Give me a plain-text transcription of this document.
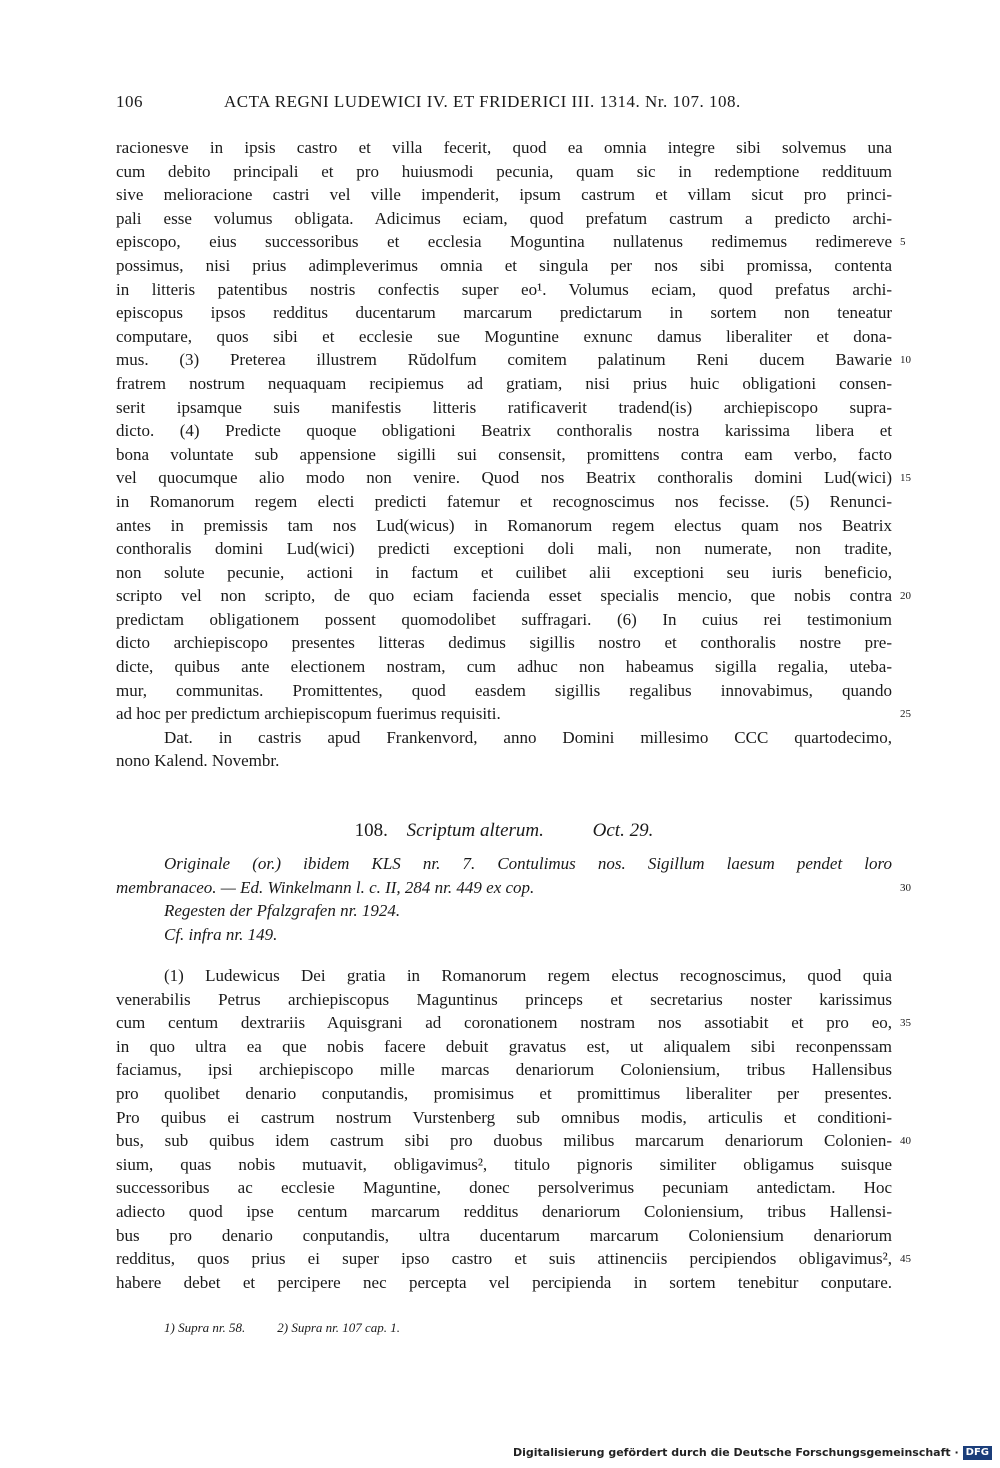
106	ACTA REGNI LUDEWICI IV. ET FRIDERICI III. 1314. Nr. 107. 108.
racionesve in ipsis castro et villa fecerit, quod ea omnia integre sibi solvemus una
cum debito principali et pro huiusmodi pecunia, quam sic in redemptione reddituum
sive melioracione castri vel ville impenderit, ipsum castrum et villam sicut pro princi-
pali esse volumus obligata. Adicimus eciam, quod prefatum castrum a predicto archi-
episcopo, eius successoribus et ecclesia Moguntina nullatenus redimemus redimereve 5
possimus, nisi prius adimpleverimus omnia et singula per nos sibi promissa, contenta
in litteris patentibus nostris confectis super eo¹. Volumus eciam, quod prefatus archi-
episcopus ipsos redditus ducentarum marcarum predictarum in sortem non teneatur
computare, quos sibi et ecclesie sue Moguntine exnunc damus liberaliter et dona-
mus. (3) Preterea illustrem Rŭdolfum comitem palatinum Reni ducem Bawarie 10
fratrem nostrum nequaquam recipiemus ad gratiam, nisi prius huic obligationi consen-
serit ipsamque suis manifestis litteris ratificaverit tradend(is) archiepiscopo supra-
dicto. (4) Predicte quoque obligationi Beatrix conthoralis nostra karissima libera et
bona voluntate sub appensione sigilli sui consensit, promittens contra eam verbo, facto
vel quocumque alio modo non venire. Quod nos Beatrix conthoralis domini Lud(wici) 15
in Romanorum regem electi predicti fatemur et recognoscimus nos fecisse. (5) Renunci-
antes in premissis tam nos Lud(wicus) in Romanorum regem electus quam nos Beatrix
conthoralis domini Lud(wici) predicti exceptioni doli mali, non numerate, non tradite,
non solute pecunie, actioni in factum et cuilibet alii exceptioni seu iuris beneficio,
scripto vel non scripto, de quo eciam facienda esset specialis mencio, que nobis contra 20
predictam obligationem possent quomodolibet suffragari. (6) In cuius rei testimonium
dicto archiepiscopo presentes litteras dedimus sigillis nostro et conthoralis nostre pre-
dicte, quibus ante electionem nostram, cum adhuc non habeamus sigilla regalia, uteba-
mur, communitas. Promittentes, quod easdem sigillis regalibus innovabimus, quando
ad hoc per predictum archiepiscopum fuerimus requisiti.	25
Dat. in castris apud Frankenvord, anno Domini millesimo CCC quartodecimo,
nono Kalend. Novembr.
108. Scriptum alterum.	Oct. 29.
Originale (or.) ibidem KLS nr. 7. Contulimus nos. Sigillum laesum pendet loro
membranaceo. — Ed. Winkelmann l. c. II, 284 nr. 449 ex cop.	30
Regesten der Pfalzgrafen nr. 1924.
Cf. infra nr. 149.
(1) Ludewicus Dei gratia in Romanorum regem electus recognoscimus, quod quia
venerabilis Petrus archiepiscopus Maguntinus princeps et secretarius noster karissimus
cum centum dextrariis Aquisgrani ad coronationem nostram nos assotiabit et pro eo, 35
in quo ultra ea que nobis facere debuit gravatus est, ut aliqualem sibi reconpenssam
faciamus, ipsi archiepiscopo mille marcas denariorum Coloniensium, tribus Hallensibus
pro quolibet denario conputandis, promisimus et promittimus liberaliter per presentes.
Pro quibus ei castrum nostrum Vurstenberg sub omnibus modis, articulis et conditioni-
bus, sub quibus idem castrum sibi pro duobus milibus marcarum denariorum Colonien- 40
sium, quas nobis mutuavit, obligavimus², titulo pignoris similiter obligamus suisque
successoribus ac ecclesie Maguntine, donec persolverimus pecuniam antedictam. Hoc
adiecto quod ipse centum marcarum redditus denariorum Coloniensium, tribus Hallensi-
bus pro denario conputandis, ultra ducentarum marcarum Coloniensium denariorum
redditus, quos prius ei super ipso castro et suis attinenciis percipiendos obligavimus², 45
habere debet et percipere nec percepta vel percipienda in sortem tenebitur conputare.
1) Supra nr. 58. 2) Supra nr. 107 cap. 1.
Digitalisierung gefördert durch die Deutsche Forschungsgemeinschaft · DFG
